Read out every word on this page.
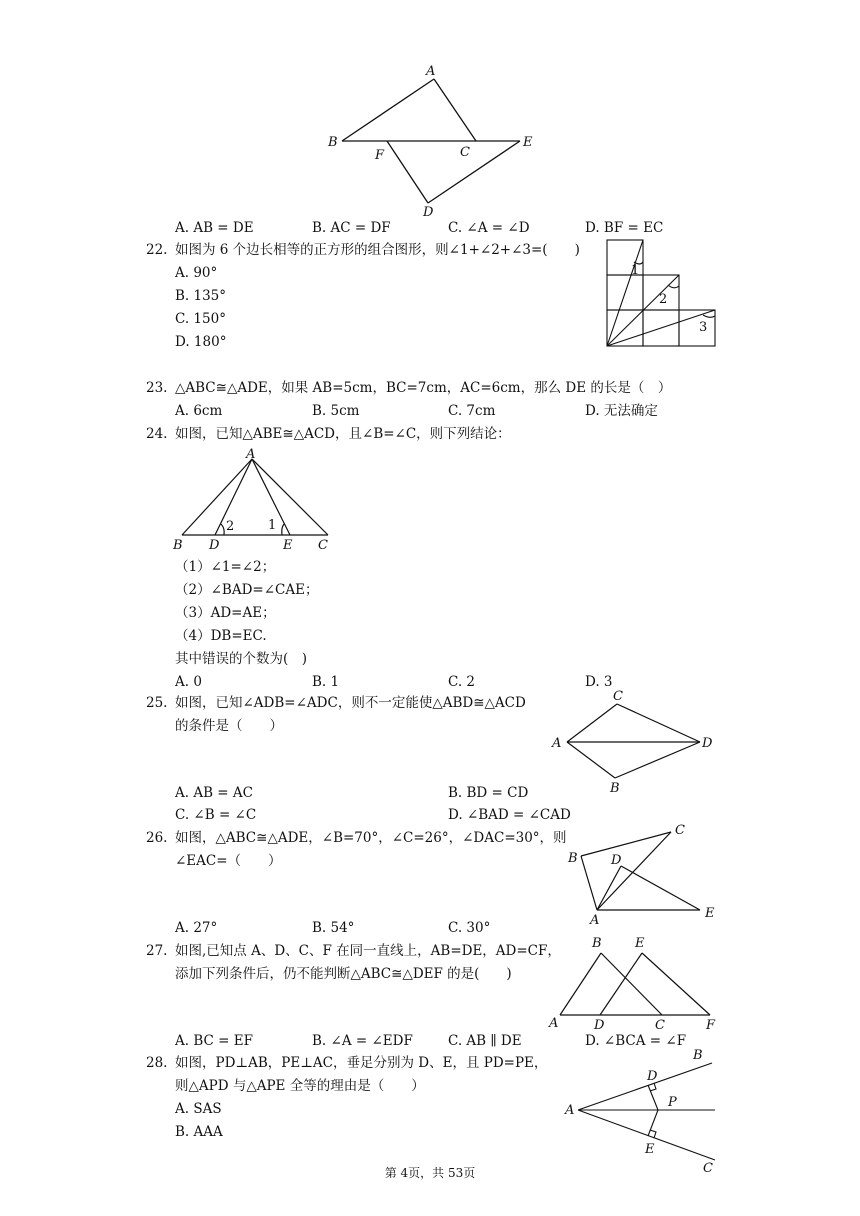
A
B
C
D
E
F
A. AB = DE	B. AC = DF	C. ∠A = ∠D	D. BF = EC
22. 如图为 6 个边长相等的正方形的组合图形，则∠1+∠2+∠3=(　　)
A. 90°
B. 135°
C. 150°
D. 180°
1
2
3
23. △ABC≅△ADE，如果 AB=5cm，BC=7cm，AC=6cm，那么 DE 的长是（　）
A. 6cm	B. 5cm	C. 7cm	D. 无法确定
24. 如图，已知△ABE≅△ACD，且∠B=∠C，则下列结论：
A
B D	E C
2	1
（1）∠1=∠2；
（2）∠BAD=∠CAE；
（3）AD=AE；
（4）DB=EC.
其中错误的个数为(　)
A. 0	B. 1	C. 2	D. 3
25. 如图，已知∠ADB=∠ADC，则不一定能使△ABD≅△ACD
的条件是（　　）
C
A	D
B
A. AB = AC	B. BD = CD
C. ∠B = ∠C	D. ∠BAD = ∠CAD
26. 如图，△ABC≅△ADE，∠B=70°，∠C=26°，∠DAC=30°，则
∠EAC=（　　）	B
C
D
A	E
A. 27°	B. 54°	C. 30°
27. 如图,已知点 A、D、C、F 在同一直线上，AB=DE，AD=CF，
添加下列条件后，仍不能判断△ABC≅△DEF 的是(　　)
B	E
A	D	C	F
A. BC = EF	B. ∠A = ∠EDF	C. AB ∥ DE	D. ∠BCA = ∠F
28. 如图，PD⊥AB，PE⊥AC，垂足分别为 D、E，且 PD=PE，
则△APD 与△APE 全等的理由是（　　）
A. SAS
B. AAA
B
D
A
P
E
C
第 4页，共 53页
